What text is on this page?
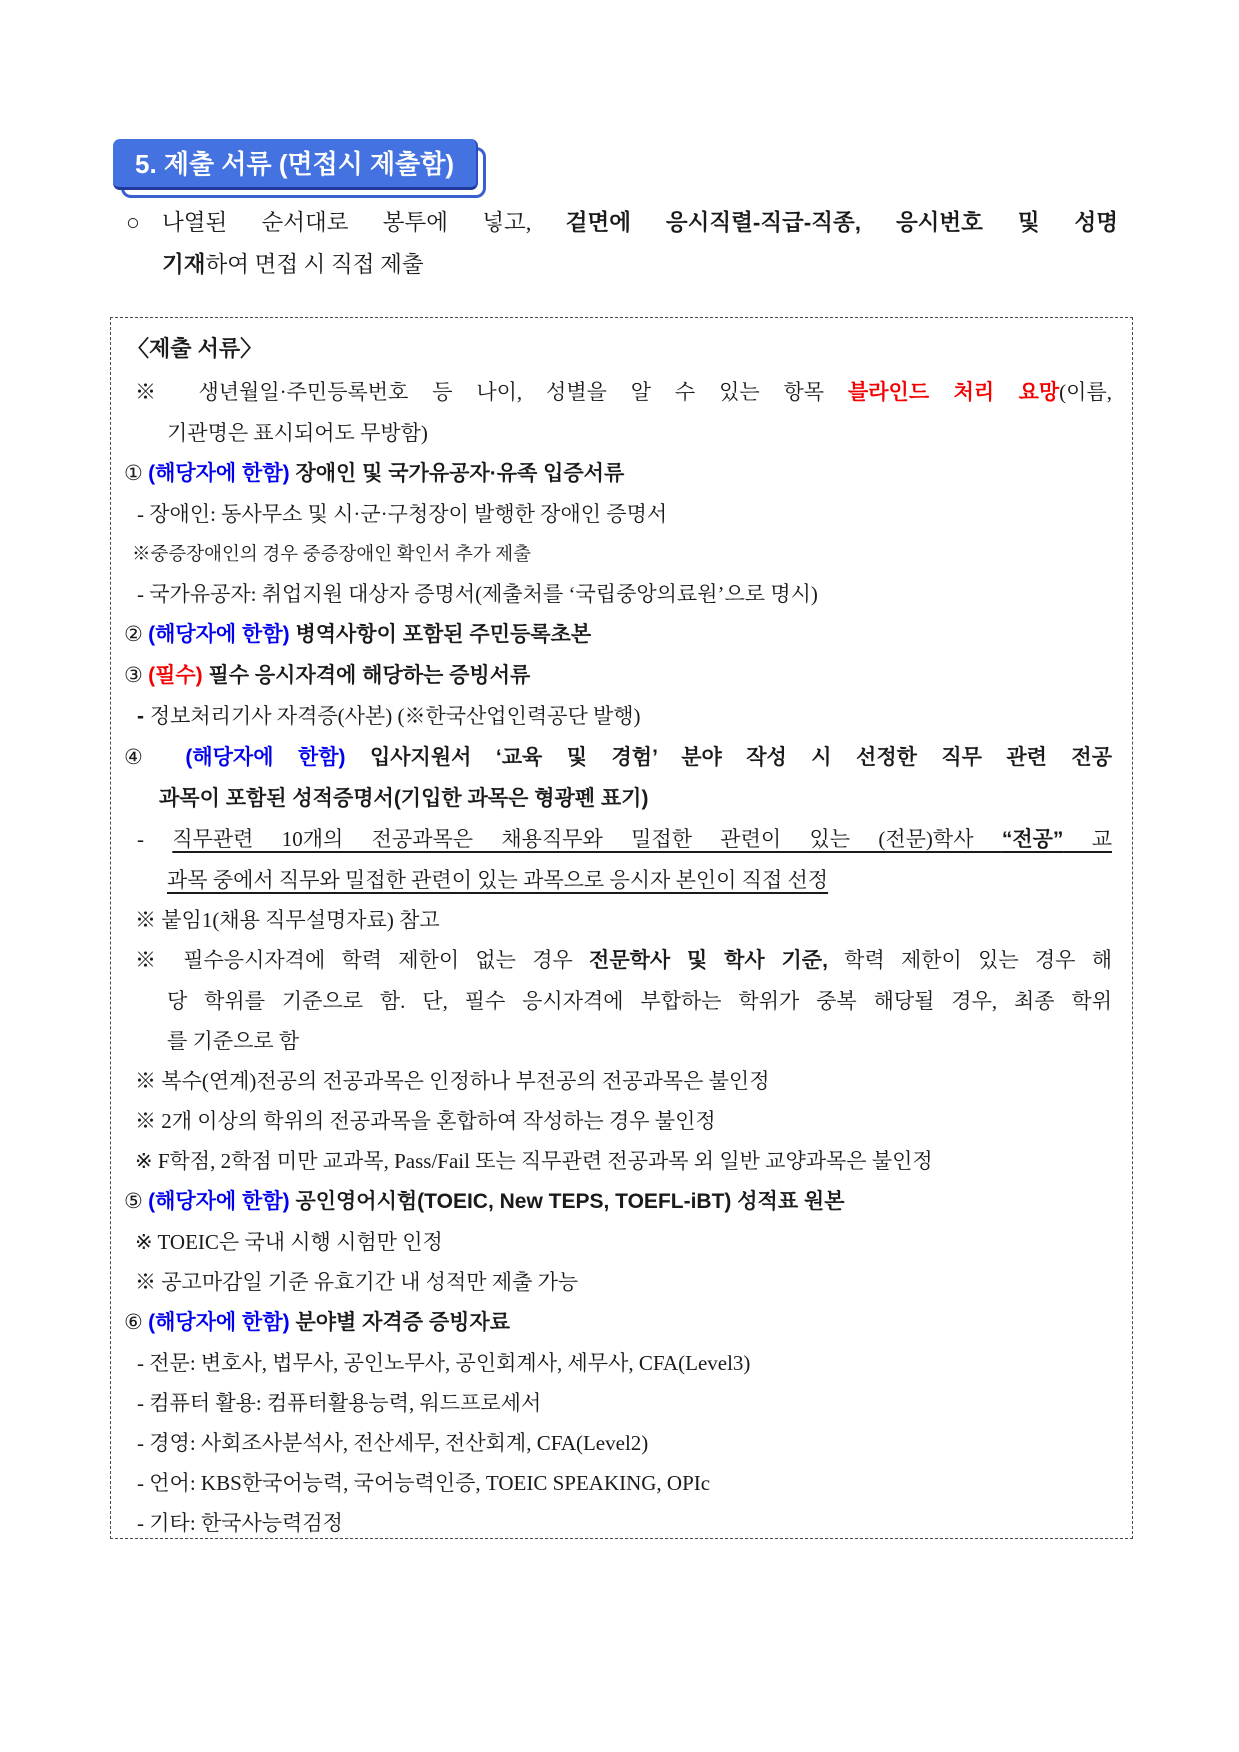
5. 제출 서류 (면접시 제출함)
○ 나열된 순서대로 봉투에 넣고, 겉면에 응시직렬-직급-직종, 응시번호 및 성명
기재하여 면접 시 직접 제출
〈제출 서류〉
※ 생년월일·주민등록번호 등 나이, 성별을 알 수 있는 항목 블라인드 처리 요망(이름,
기관명은 표시되어도 무방함)
① (해당자에 한함) 장애인 및 국가유공자·유족 입증서류
- 장애인: 동사무소 및 시·군·구청장이 발행한 장애인 증명서
※중증장애인의 경우 중증장애인 확인서 추가 제출
- 국가유공자: 취업지원 대상자 증명서(제출처를 ‘국립중앙의료원’으로 명시)
② (해당자에 한함) 병역사항이 포함된 주민등록초본
③ (필수) 필수 응시자격에 해당하는 증빙서류
- 정보처리기사 자격증(사본) (※한국산업인력공단 발행)
④ (해당자에 한함) 입사지원서 ‘교육 및 경험’ 분야 작성 시 선정한 직무 관련 전공
과목이 포함된 성적증명서(기입한 과목은 형광펜 표기)
- 직무관련 10개의 전공과목은 채용직무와 밀접한 관련이 있는 (전문)학사 “전공” 교
과목 중에서 직무와 밀접한 관련이 있는 과목으로 응시자 본인이 직접 선정
※ 붙임1(채용 직무설명자료) 참고
※ 필수응시자격에 학력 제한이 없는 경우 전문학사 및 학사 기준, 학력 제한이 있는 경우 해
당 학위를 기준으로 함. 단, 필수 응시자격에 부합하는 학위가 중복 해당될 경우, 최종 학위
를 기준으로 함
※ 복수(연계)전공의 전공과목은 인정하나 부전공의 전공과목은 불인정
※ 2개 이상의 학위의 전공과목을 혼합하여 작성하는 경우 불인정
※ F학점, 2학점 미만 교과목, Pass/Fail 또는 직무관련 전공과목 외 일반 교양과목은 불인정
⑤ (해당자에 한함) 공인영어시험(TOEIC, New TEPS, TOEFL-iBT) 성적표 원본
※ TOEIC은 국내 시행 시험만 인정
※ 공고마감일 기준 유효기간 내 성적만 제출 가능
⑥ (해당자에 한함) 분야별 자격증 증빙자료
- 전문: 변호사, 법무사, 공인노무사, 공인회계사, 세무사, CFA(Level3)
- 컴퓨터 활용: 컴퓨터활용능력, 워드프로세서
- 경영: 사회조사분석사, 전산세무, 전산회계, CFA(Level2)
- 언어: KBS한국어능력, 국어능력인증, TOEIC SPEAKING, OPIc
- 기타: 한국사능력검정
